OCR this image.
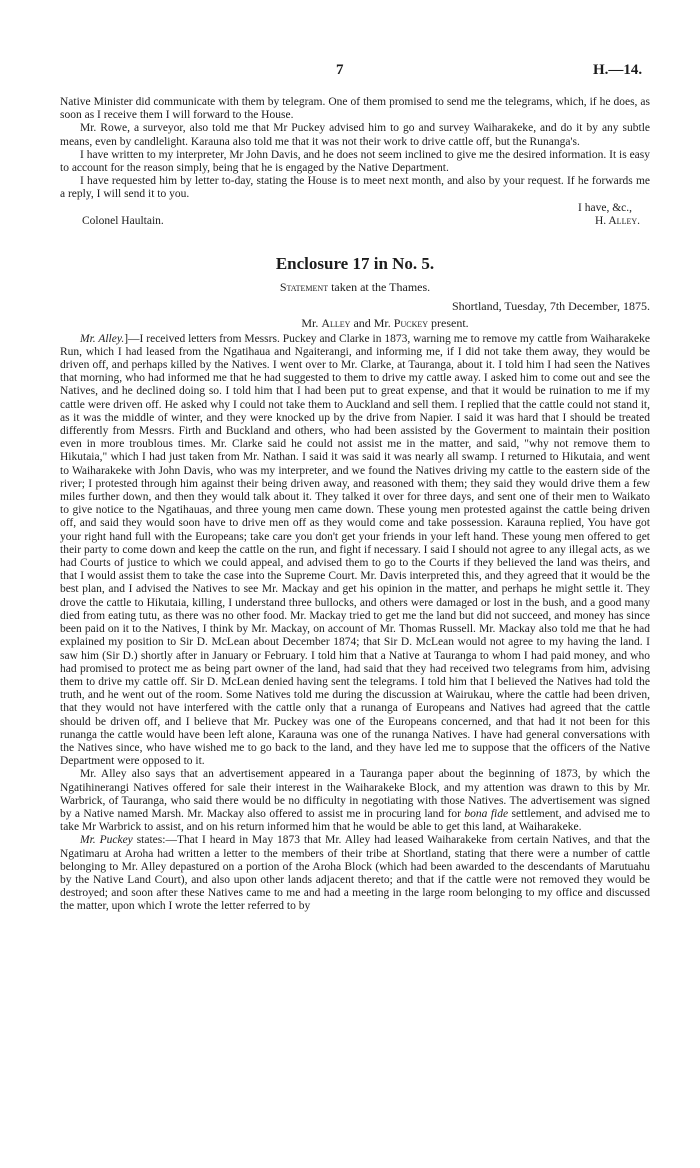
7	H.—14.

Native Minister did communicate with them by telegram. One of them promised to send me the telegrams, which, if he does, as soon as I receive them I will forward to the House.

Mr. Rowe, a surveyor, also told me that Mr Puckey advised him to go and survey Waiharakeke, and do it by any subtle means, even by candlelight. Karauna also told me that it was not their work to drive cattle off, but the Runanga's.

I have written to my interpreter, Mr John Davis, and he does not seem inclined to give me the desired information. It is easy to account for the reason simply, being that he is engaged by the Native Department.

I have requested him by letter to-day, stating the House is to meet next month, and also by your request. If he forwards me a reply, I will send it to you.

I have, &c.,
Colonel Haultain.	H. Alley.
Enclosure 17 in No. 5.
Statement taken at the Thames.
Shortland, Tuesday, 7th December, 1875.
Mr. Alley and Mr. Puckey present.

Mr. Alley.]—I received letters from Messrs. Puckey and Clarke in 1873, warning me to remove my cattle from Waiharakeke Run, which I had leased from the Ngatihaua and Ngaiterangi, and informing me, if I did not take them away, they would be driven off, and perhaps killed by the Natives. I went over to Mr. Clarke, at Tauranga, about it. I told him I had seen the Natives that morning, who had informed me that he had suggested to them to drive my cattle away. I asked him to come out and see the Natives, and he declined doing so. I told him that I had been put to great expense, and that it would be ruination to me if my cattle were driven off. He asked why I could not take them to Auckland and sell them. I replied that the cattle could not stand it, as it was the middle of winter, and they were knocked up by the drive from Napier. I said it was hard that I should be treated differently from Messrs. Firth and Buckland and others, who had been assisted by the Goverment to maintain their position even in more troublous times. Mr. Clarke said he could not assist me in the matter, and said, "why not remove them to Hikutaia," which I had just taken from Mr. Nathan. I said it was said it was nearly all swamp. I returned to Hikutaia, and went to Waiharakeke with John Davis, who was my interpreter, and we found the Natives driving my cattle to the eastern side of the river; I protested through him against their being driven away, and reasoned with them; they said they would drive them a few miles further down, and then they would talk about it. They talked it over for three days, and sent one of their men to Waikato to give notice to the Ngatihauas, and three young men came down. These young men protested against the cattle being driven off, and said they would soon have to drive men off as they would come and take possession. Karauna replied, You have got your right hand full with the Europeans; take care you don't get your friends in your left hand. These young men offered to get their party to come down and keep the cattle on the run, and fight if necessary. I said I should not agree to any illegal acts, as we had Courts of justice to which we could appeal, and advised them to go to the Courts if they believed the land was theirs, and that I would assist them to take the case into the Supreme Court. Mr. Davis interpreted this, and they agreed that it would be the best plan, and I advised the Natives to see Mr. Mackay and get his opinion in the matter, and perhaps he might settle it. They drove the cattle to Hikutaia, killing, I understand three bullocks, and others were damaged or lost in the bush, and a good many died from eating tutu, as there was no other food. Mr. Mackay tried to get me the land but did not succeed, and money has since been paid on it to the Natives, I think by Mr. Mackay, on account of Mr. Thomas Russell. Mr. Mackay also told me that he had explained my position to Sir D. McLean about December 1874; that Sir D. McLean would not agree to my having the land. I saw him (Sir D.) shortly after in January or February. I told him that a Native at Tauranga to whom I had paid money, and who had promised to protect me as being part owner of the land, had said that they had received two telegrams from him, advising them to drive my cattle off. Sir D. McLean denied having sent the telegrams. I told him that I believed the Natives had told the truth, and he went out of the room. Some Natives told me during the discussion at Wairukau, where the cattle had been driven, that they would not have interfered with the cattle only that a runanga of Europeans and Natives had agreed that the cattle should be driven off, and I believe that Mr. Puckey was one of the Europeans concerned, and that had it not been for this runanga the cattle would have been left alone, Karauna was one of the runanga Natives. I have had general conversations with the Natives since, who have wished me to go back to the land, and they have led me to suppose that the officers of the Native Department were opposed to it.

Mr. Alley also says that an advertisement appeared in a Tauranga paper about the beginning of 1873, by which the Ngatihinerangi Natives offered for sale their interest in the Waiharakeke Block, and my attention was drawn to this by Mr. Warbrick, of Tauranga, who said there would be no difficulty in negotiating with those Natives. The advertisement was signed by a Native named Marsh. Mr. Mackay also offered to assist me in procuring land for bona fide settlement, and advised me to take Mr Warbrick to assist, and on his return informed him that he would be able to get this land, at Waiharakeke.

Mr. Puckey states:—That I heard in May 1873 that Mr. Alley had leased Waiharakeke from certain Natives, and that the Ngatimaru at Aroha had written a letter to the members of their tribe at Shortland, stating that there were a number of cattle belonging to Mr. Alley depastured on a portion of the Aroha Block (which had been awarded to the descendants of Marutuahu by the Native Land Court), and also upon other lands adjacent thereto; and that if the cattle were not removed they would be destroyed; and soon after these Natives came to me and had a meeting in the large room belonging to my office and discussed the matter, upon which I wrote the letter referred to by
